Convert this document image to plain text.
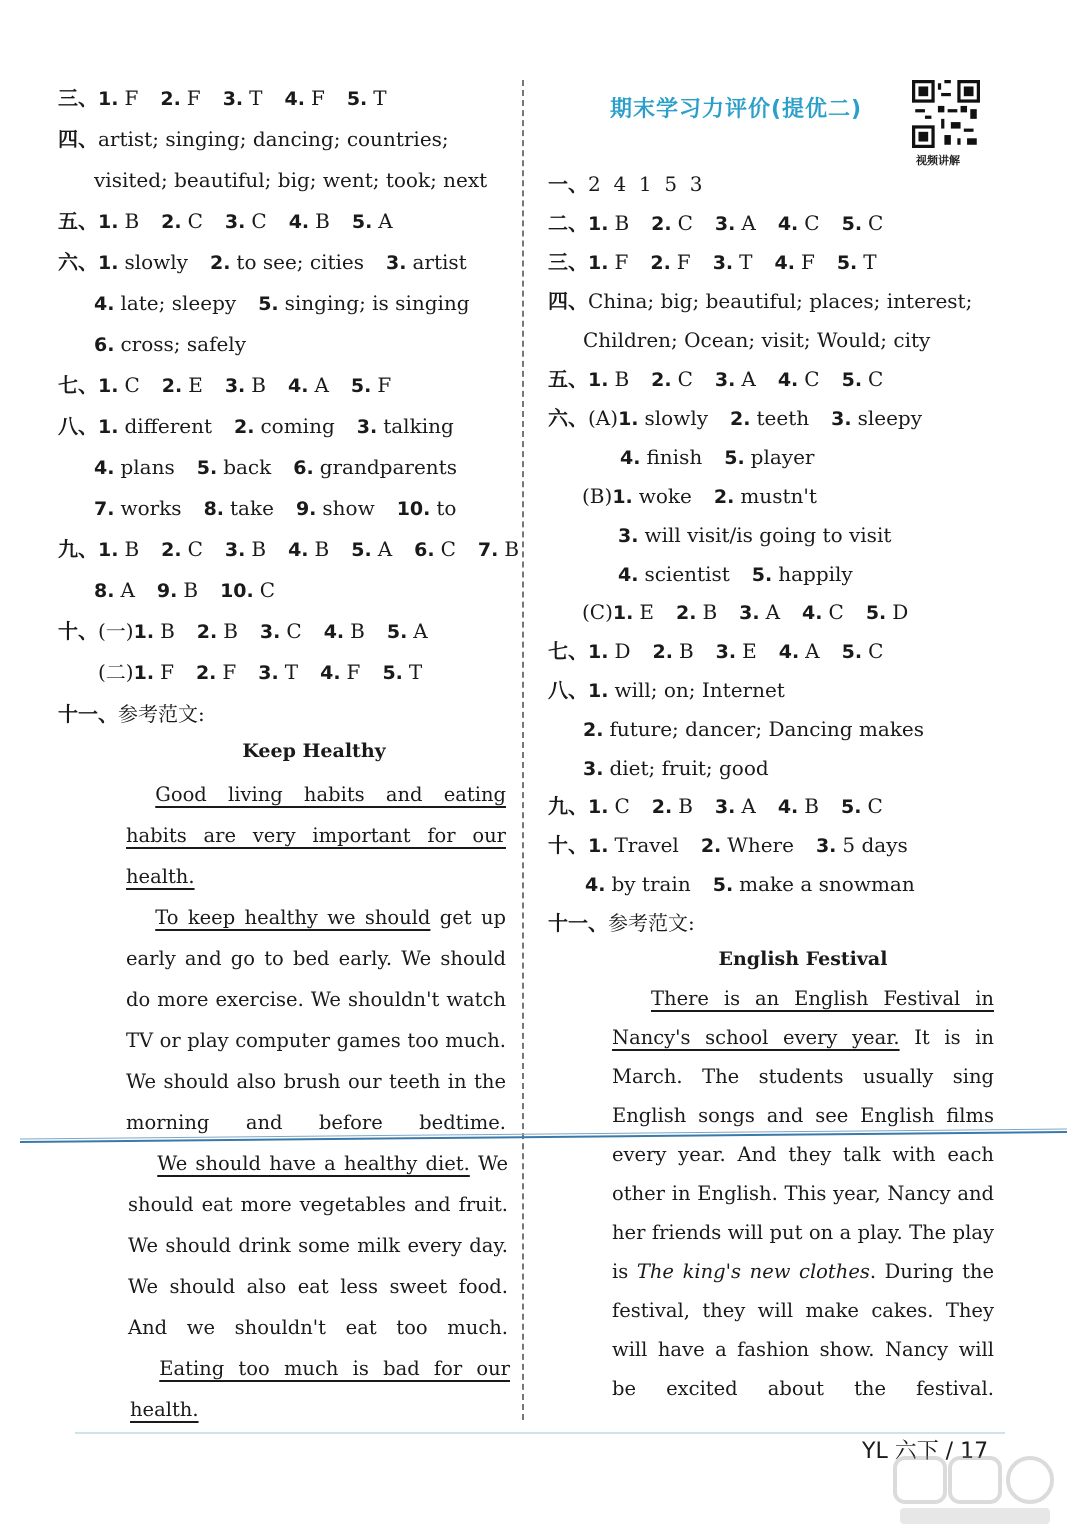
三、1. F 2. F 3. T 4. F 5. T
四、artist; singing; dancing; countries;
visited; beautiful; big; went; took; next
五、1. B 2. C 3. C 4. B 5. A
六、1. slowly 2. to see; cities 3. artist
4. late; sleepy 5. singing; is singing
6. cross; safely
七、1. C 2. E 3. B 4. A 5. F
八、1. different 2. coming 3. talking
4. plans 5. back 6. grandparents
7. works 8. take 9. show 10. to
九、1. B 2. C 3. B 4. B 5. A 6. C 7. B
8. A 9. B 10. C
十、(一)1. B 2. B 3. C 4. B 5. A
(二)1. F 2. F 3. T 4. F 5. T
十一、参考范文:
Keep Healthy
  Good living habits and eating habits are very important for our health.
  To keep healthy we should get up early and go to bed early. We should do more exercise. We shouldn't watch TV or play computer games too much. We should also brush our teeth in the morning and before bedtime.
  We should have a healthy diet. We should eat more vegetables and fruit. We should drink some milk every day. We should also eat less sweet food. And we shouldn't eat too much.
  Eating too much is bad for our health.
期末学习力评价(提优二)
视频讲解
一、2  4  1  5  3
二、1. B 2. C 3. A 4. C 5. C
三、1. F 2. F 3. T 4. F 5. T
四、China; big; beautiful; places; interest;
Children; Ocean; visit; Would; city
五、1. B 2. C 3. A 4. C 5. C
六、(A)1. slowly 2. teeth 3. sleepy
4. finish 5. player
(B)1. woke 2. mustn't
3. will visit/is going to visit
4. scientist 5. happily
(C)1. E 2. B 3. A 4. C 5. D
七、1. D 2. B 3. E 4. A 5. C
八、1. will; on; Internet
2. future; dancer; Dancing makes
3. diet; fruit; good
九、1. C 2. B 3. A 4. B 5. C
十、1. Travel 2. Where 3. 5 days
4. by train 5. make a snowman
十一、参考范文:
English Festival
  There is an English Festival in Nancy's school every year. It is in March. The students usually sing English songs and see English films every year. And they talk with each other in English. This year, Nancy and her friends will put on a play. The play is The king's new clothes. During the festival, they will make cakes. They will have a fashion show. Nancy will be excited about the festival.
YL 六下 / 17
